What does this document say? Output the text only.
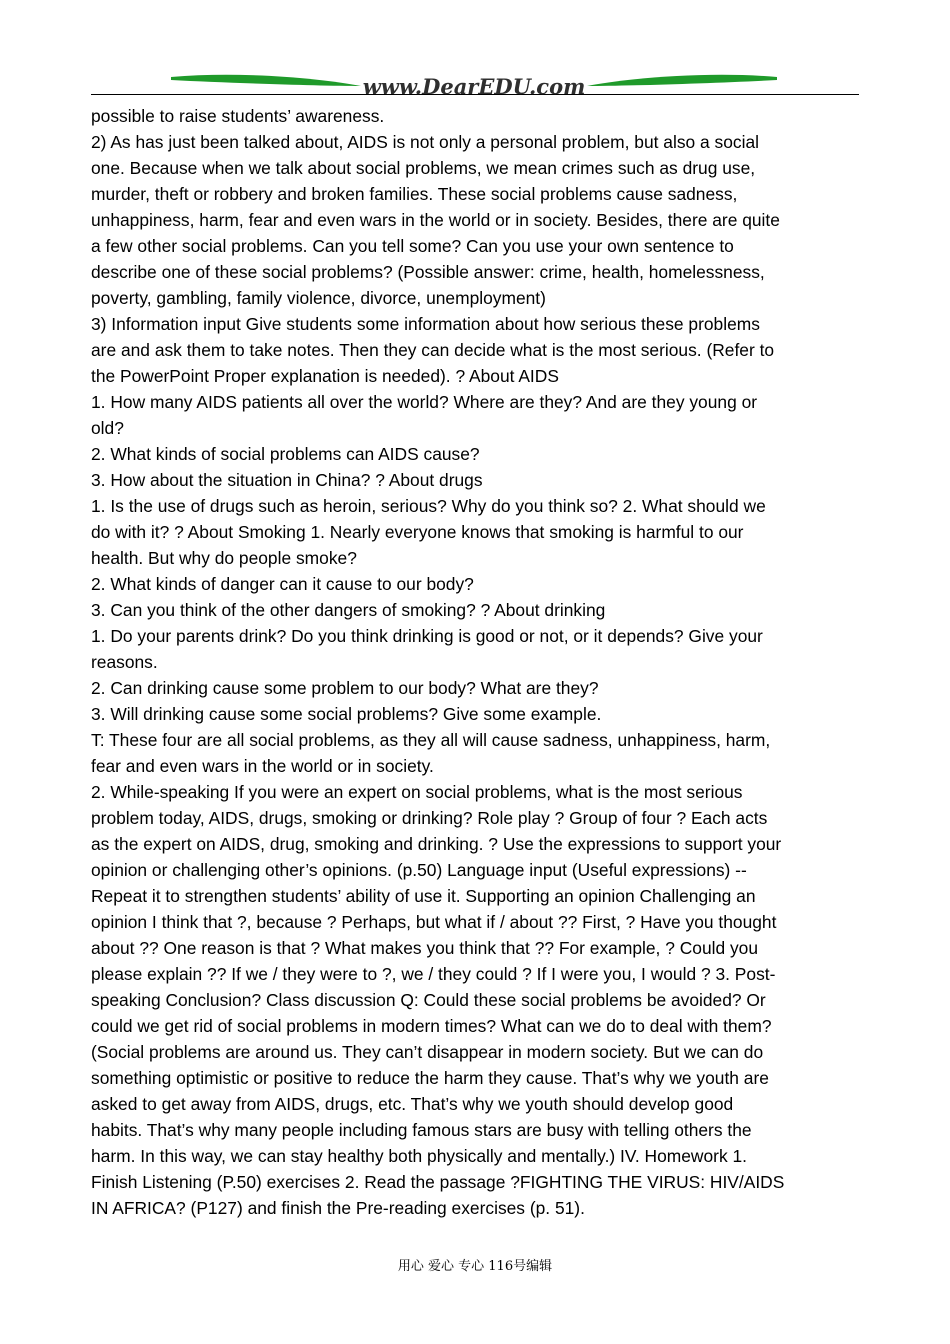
www.DearEDU.com
possible to raise students’ awareness.
2) As has just been talked about, AIDS is not only a personal problem, but also a social
one. Because when we talk about social problems, we mean crimes such as drug use,
murder, theft or robbery and broken families. These social problems cause sadness,
unhappiness, harm, fear and even wars in the world or in society. Besides, there are quite
a few other social problems. Can you tell some? Can you use your own sentence to
describe one of these social problems? (Possible answer: crime, health, homelessness,
poverty, gambling, family violence, divorce, unemployment)
3) Information input Give students some information about how serious these problems
are and ask them to take notes. Then they can decide what is the most serious. (Refer to
the PowerPoint Proper explanation is needed). ? About AIDS
1. How many AIDS patients all over the world? Where are they? And are they young or
old?
2. What kinds of social problems can AIDS cause?
3. How about the situation in China? ? About drugs
1. Is the use of drugs such as heroin, serious? Why do you think so? 2. What should we
do with it? ? About Smoking 1. Nearly everyone knows that smoking is harmful to our
health. But why do people smoke?
2. What kinds of danger can it cause to our body?
3. Can you think of the other dangers of smoking? ? About drinking
1. Do your parents drink? Do you think drinking is good or not, or it depends? Give your
reasons.
2. Can drinking cause some problem to our body? What are they?
3. Will drinking cause some social problems? Give some example.
T: These four are all social problems, as they all will cause sadness, unhappiness, harm,
fear and even wars in the world or in society.
2. While-speaking If you were an expert on social problems, what is the most serious
problem today, AIDS, drugs, smoking or drinking? Role play ? Group of four ? Each acts
as the expert on AIDS, drug, smoking and drinking. ? Use the expressions to support your
opinion or challenging other’s opinions. (p.50) Language input (Useful expressions) --
Repeat it to strengthen students’ ability of use it. Supporting an opinion Challenging an
opinion I think that ?, because ? Perhaps, but what if / about ?? First, ? Have you thought
about ?? One reason is that ? What makes you think that ?? For example, ? Could you
please explain ?? If we / they were to ?, we / they could ? If I were you, I would ? 3. Post-
speaking Conclusion? Class discussion Q: Could these social problems be avoided? Or
could we get rid of social problems in modern times? What can we do to deal with them?
(Social problems are around us. They can’t disappear in modern society. But we can do
something optimistic or positive to reduce the harm they cause. That’s why we youth are
asked to get away from AIDS, drugs, etc. That’s why we youth should develop good
habits. That’s why many people including famous stars are busy with telling others the
harm. In this way, we can stay healthy both physically and mentally.) IV. Homework 1.
Finish Listening (P.50) exercises 2. Read the passage ?FIGHTING THE VIRUS: HIV/AIDS
IN AFRICA? (P127) and finish the Pre-reading exercises (p. 51).
用心 爱心 专心 116号编辑
